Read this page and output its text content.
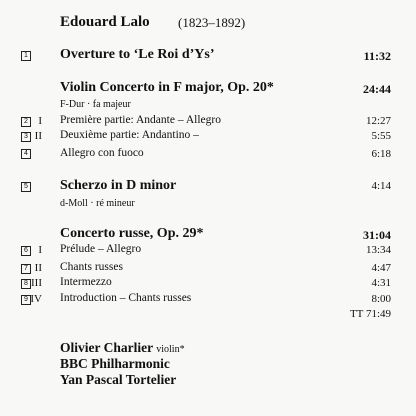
Edouard Lalo (1823–1892)
1 Overture to ‘Le Roi d’Ys’	11:32
Violin Concerto in F major, Op. 20*	24:44
F-Dur · fa majeur
2 I Première partie: Andante – Allegro	12:27
3 II Deuxième partie: Andantino –	5:55
4	Allegro con fuoco	6:18
5 Scherzo in D minor	4:14
d-Moll · ré mineur
Concerto russe, Op. 29*	31:04
6 I Prélude – Allegro	13:34
7 II Chants russes	4:47
8 III Intermezzo	4:31
9 IV Introduction – Chants russes	8:00
TT 71:49
Olivier Charlier violin*
BBC Philharmonic
Yan Pascal Tortelier
